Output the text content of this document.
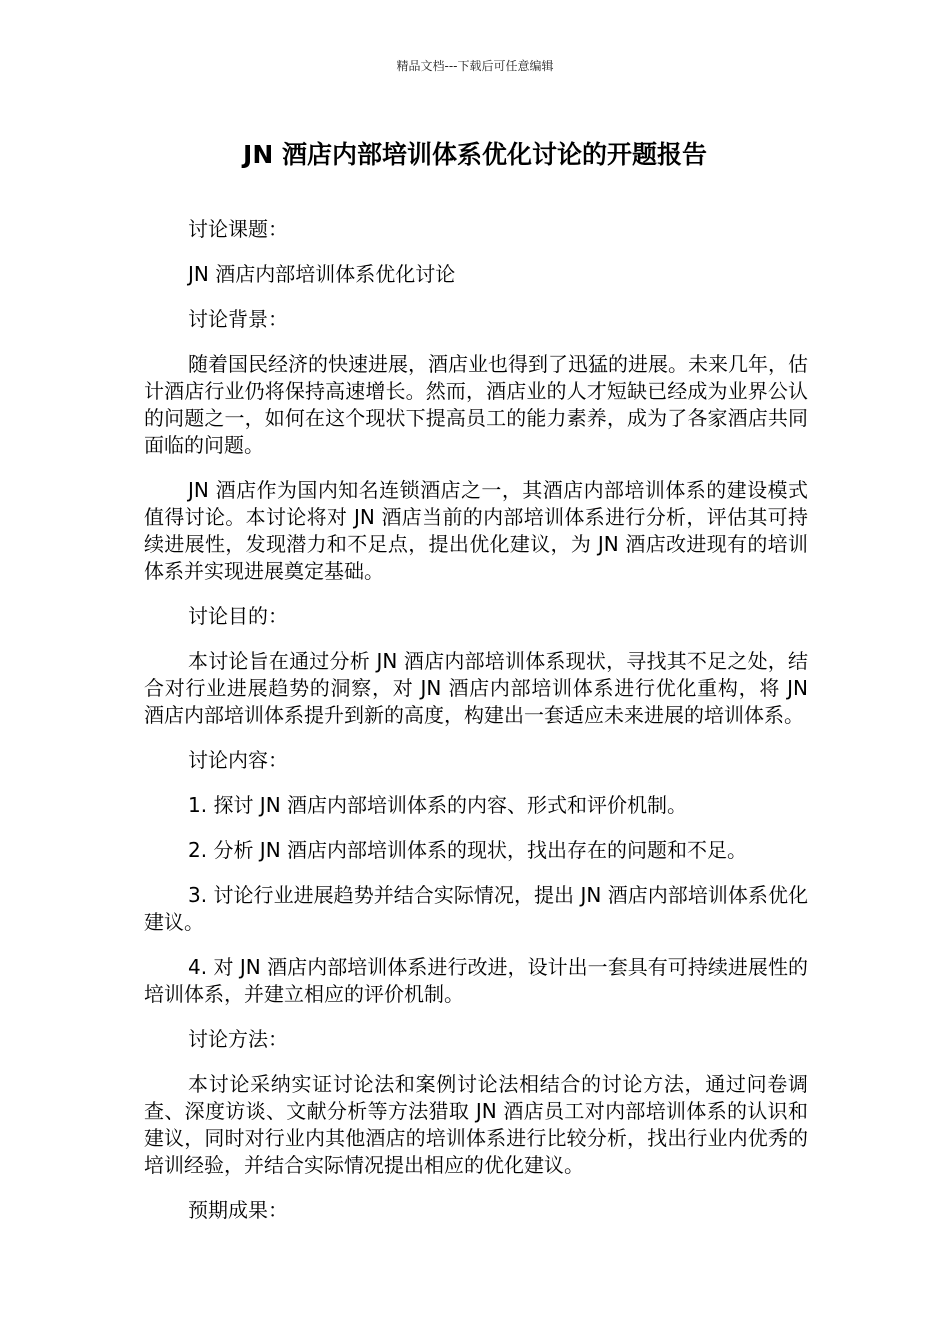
精品文档---下载后可任意编辑
JN 酒店内部培训体系优化讨论的开题报告

讨论课题：

JN 酒店内部培训体系优化讨论

讨论背景：

随着国民经济的快速进展，酒店业也得到了迅猛的进展。未来几年，估计酒店行业仍将保持高速增长。然而，酒店业的人才短缺已经成为业界公认的问题之一，如何在这个现状下提高员工的能力素养，成为了各家酒店共同面临的问题。

JN 酒店作为国内知名连锁酒店之一，其酒店内部培训体系的建设模式值得讨论。本讨论将对 JN 酒店当前的内部培训体系进行分析，评估其可持续进展性，发现潜力和不足点，提出优化建议，为 JN 酒店改进现有的培训体系并实现进展奠定基础。

讨论目的：

本讨论旨在通过分析 JN 酒店内部培训体系现状，寻找其不足之处，结合对行业进展趋势的洞察，对 JN 酒店内部培训体系进行优化重构，将 JN 酒店内部培训体系提升到新的高度，构建出一套适应未来进展的培训体系。

讨论内容：

1. 探讨 JN 酒店内部培训体系的内容、形式和评价机制。

2. 分析 JN 酒店内部培训体系的现状，找出存在的问题和不足。

3. 讨论行业进展趋势并结合实际情况，提出 JN 酒店内部培训体系优化建议。

4. 对 JN 酒店内部培训体系进行改进，设计出一套具有可持续进展性的培训体系，并建立相应的评价机制。

讨论方法：

本讨论采纳实证讨论法和案例讨论法相结合的讨论方法，通过问卷调查、深度访谈、文献分析等方法猎取 JN 酒店员工对内部培训体系的认识和建议，同时对行业内其他酒店的培训体系进行比较分析，找出行业内优秀的培训经验，并结合实际情况提出相应的优化建议。

预期成果：
